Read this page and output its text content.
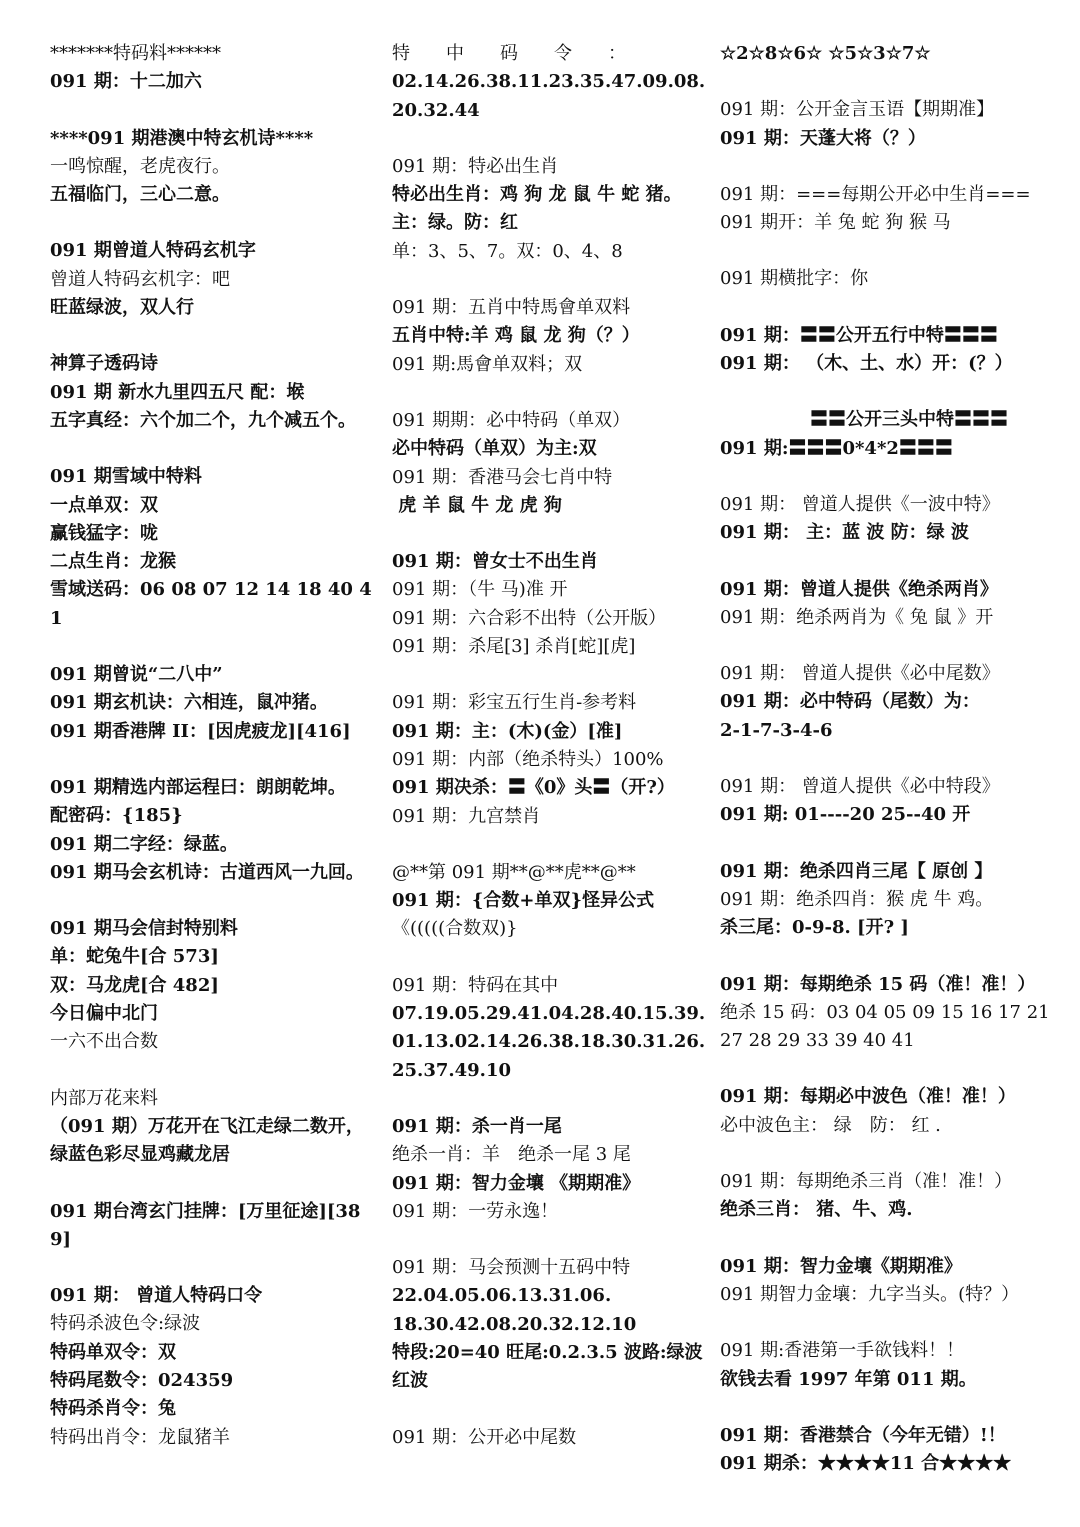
*******特码料******
091 期：十二加六
****091 期港澳中特玄机诗****
一鸣惊醒，老虎夜行。
五福临门，三心二意。
091 期曾道人特码玄机字
曾道人特码玄机字：吧
旺蓝绿波，双人行
神算子透码诗
091 期 新水九里四五尺 配：堠
五字真经：六个加二个，九个减五个。
091 期雪域中特料
一点单双：双
赢钱猛字：咙
二点生肖：龙猴
雪域送码：06 08 07 12 14 18 40 41
091 期曾说“二八中”
091 期玄机诀：六相连，鼠冲猪。
091 期香港牌 II：[因虎疲龙][416]
091 期精选内部运程曰：朗朗乾坤。
配密码：{185}
091 期二字经：绿蓝。
091 期马会玄机诗：古道西风一九回。
091 期马会信封特别料
单：蛇兔牛[合 573]
双：马龙虎[合 482]
今日偏中北门
一六不出合数
内部万花来料
（091 期）万花开在飞江走绿二数开，绿蓝色彩尽显鸡藏龙居
091 期台湾玄门挂牌：[万里征途][389]
091 期： 曾道人特码口令
特码杀波色令:绿波
特码单双令：双
特码尾数令：024359
特码杀肖令：兔
特码出肖令：龙鼠猪羊
特　　中　　码　　令　　：
02.14.26.38.11.23.35.47.09.08.20.32.44
091 期：特必出生肖
特必出生肖：鸡 狗 龙 鼠 牛 蛇 猪。
主：绿。防：红
单：3、5、7。双：0、4、8
091 期：五肖中特馬會单双料
五肖中特:羊 鸡 鼠 龙 狗（？）
091 期:馬會单双料；双
091 期期：必中特码（单双）
必中特码（单双）为主:双
091 期：香港马会七肖中特
虎 羊 鼠 牛 龙 虎 狗
091 期：曾女士不出生肖
091 期：（牛 马)准 开
091 期：六合彩不出特（公开版）
091 期：杀尾[3] 杀肖[蛇][虎]
091 期：彩宝五行生肖-参考料
091 期：主：(木)(金）[准]
091 期：内部（绝杀特头）100%
091 期决杀：〓《0》头〓（开?）
091 期：九宫禁肖
@**第 091 期**@**虎**@**
091 期：{合数+单双}怪异公式
《(((((合数双)}
091 期：特码在其中
07.19.05.29.41.04.28.40.15.39.01.13.02.14.26.38.18.30.31.26.25.37.49.10
091 期：杀一肖一尾
绝杀一肖：羊　绝杀一尾 3 尾
091 期：智力金壤 《期期准》
091 期：一劳永逸！
091 期：马会预测十五码中特
22.04.05.06.13.31.06.
18.30.42.08.20.32.12.10
特段:20=40 旺尾:0.2.3.5 波路:绿波红波
091 期：公开必中尾数
☆2☆8☆6☆ ☆5☆3☆7☆
091 期：公开金言玉语【期期准】
091 期：天蓬大将（？）
091 期：===每期公开必中生肖===
091 期开：羊 兔 蛇 狗 猴 马
091 期横批字：你
091 期：〓〓公开五行中特〓〓〓
091 期： （木、土、水）开：(？）
　　　　　〓〓公开三头中特〓〓〓
091 期:〓〓〓0*4*2〓〓〓
091 期： 曾道人提供《一波中特》
091 期： 主：蓝 波 防：绿 波
091 期：曾道人提供《绝杀两肖》
091 期：绝杀两肖为《 兔 鼠 》开
091 期： 曾道人提供《必中尾数》
091 期：必中特码（尾数）为：
2-1-7-3-4-6
091 期： 曾道人提供《必中特段》
091 期: 01----20 25--40 开
091 期：绝杀四肖三尾【 原创 】
091 期：绝杀四肖：猴 虎 牛 鸡。
杀三尾：0-9-8. [开? ]
091 期：每期绝杀 15 码（准！准！）
绝杀 15 码：03 04 05 09 15 16 17 21 27 28 29 33 39 40 41
091 期：每期必中波色（准！准！）
必中波色主： 绿　防： 红 .
091 期：每期绝杀三肖（准！准！）
绝杀三肖： 猪、牛、鸡.
091 期：智力金壤《期期准》
091 期智力金壤：九字当头。(特？）
091 期:香港第一手欲钱料！！
欲钱去看 1997 年第 011 期。
091 期：香港禁合（今年无错）!！
091 期杀：★★★★11 合★★★★
